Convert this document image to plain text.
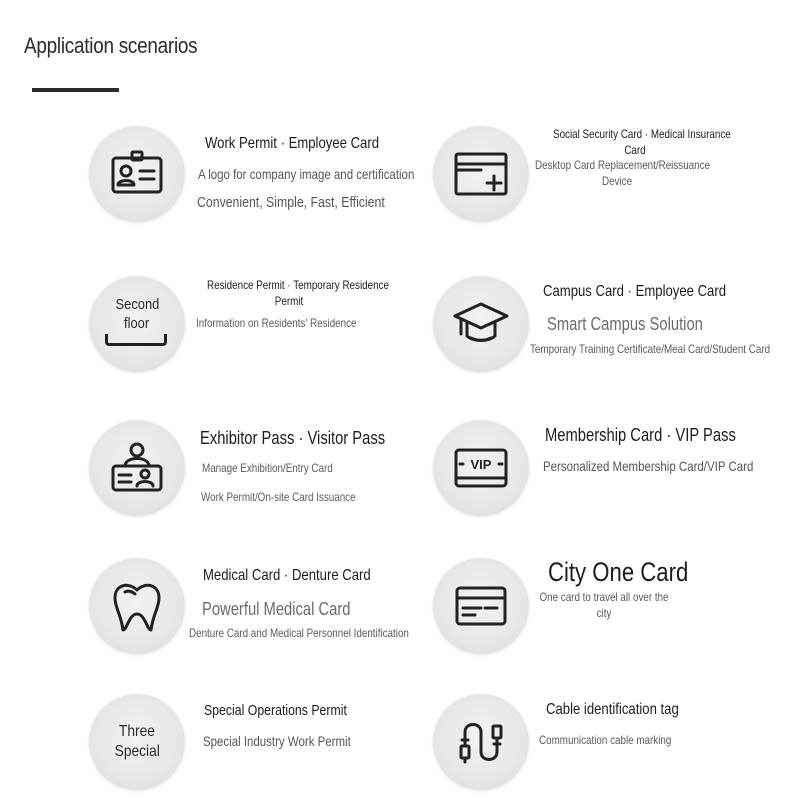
Application scenarios
Work Permit · Employee Card
A logo for company image and certification
Convenient, Simple, Fast, Efficient
Social Security Card · Medical Insurance
Card
Desktop Card Replacement/Reissuance
Device
Second
floor
Residence Permit · Temporary Residence
Permit
Information on Residents' Residence
Campus Card · Employee Card
Smart Campus Solution
Temporary Training Certificate/Meal Card/Student Card
Exhibitor Pass · Visitor Pass
Manage Exhibition/Entry Card
Work Permit/On-site Card Issuance
VIP
Membership Card · VIP Pass
Personalized Membership Card/VIP Card
Medical Card · Denture Card
Powerful Medical Card
Denture Card and Medical Personnel Identification
City One Card
One card to travel all over the
city
Three
Special
Special Operations Permit
Special Industry Work Permit
Cable identification tag
Communication cable marking
